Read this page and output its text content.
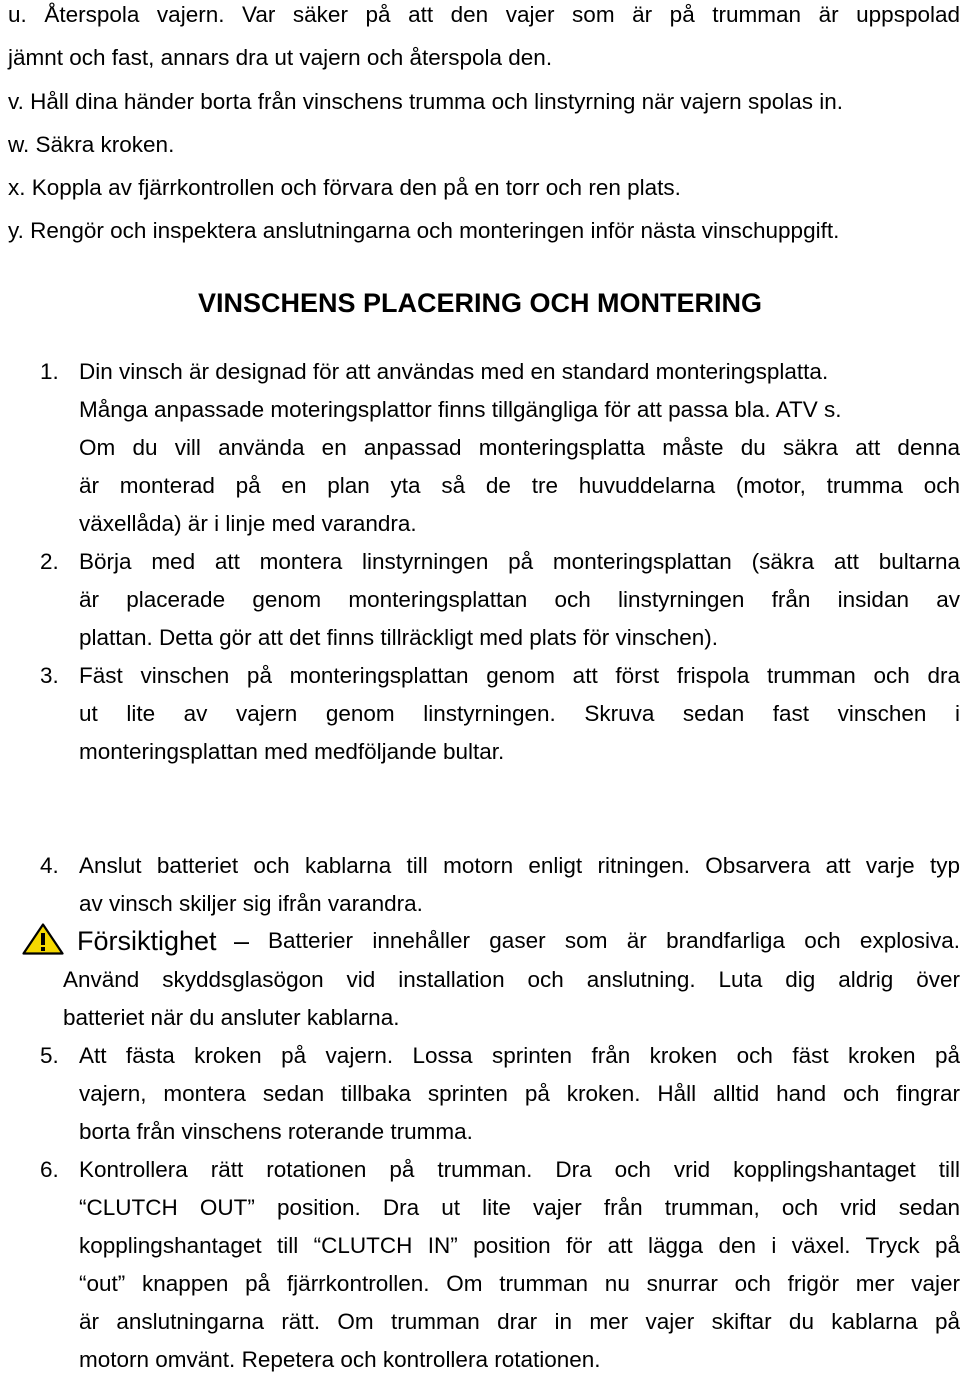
u. Återspola vajern. Var säker på att den vajer som är på trumman är uppspolad
jämnt och fast, annars dra ut vajern och återspola den.
v. Håll dina händer borta från vinschens trumma och linstyrning när vajern spolas in.
w. Säkra kroken.
x. Koppla av fjärrkontrollen och förvara den på en torr och ren plats.
y. Rengör och inspektera anslutningarna och monteringen inför nästa vinschuppgift.
VINSCHENS PLACERING OCH MONTERING
1. Din vinsch är designad för att användas med en standard monteringsplatta.
Många anpassade moteringsplattor finns tillgängliga för att passa bla. ATV s.
Om du vill använda en anpassad monteringsplatta måste du säkra att denna
är monterad på en plan yta så de tre huvuddelarna (motor, trumma och
växellåda) är i linje med varandra.
2. Börja med att montera linstyrningen på monteringsplattan (säkra att bultarna
är placerade genom monteringsplattan och linstyrningen från insidan av
plattan. Detta gör att det finns tillräckligt med plats för vinschen).
3. Fäst vinschen på monteringsplattan genom att först frispola trumman och dra
ut lite av vajern genom linstyrningen. Skruva sedan fast vinschen i
monteringsplattan med medföljande bultar.
4. Anslut batteriet och kablarna till motorn enligt ritningen. Obsarvera att varje typ
av vinsch skiljer sig ifrån varandra.
Försiktighet – Batterier innehåller gaser som är brandfarliga och explosiva.
Använd skyddsglasögon vid installation och anslutning. Luta dig aldrig över
batteriet när du ansluter kablarna.
5. Att fästa kroken på vajern. Lossa sprinten från kroken och fäst kroken på
vajern, montera sedan tillbaka sprinten på kroken. Håll alltid hand och fingrar
borta från vinschens roterande trumma.
6. Kontrollera rätt rotationen på trumman. Dra och vrid kopplingshantaget till
“CLUTCH OUT” position. Dra ut lite vajer från trumman, och vrid sedan
kopplingshantaget till “CLUTCH IN” position för att lägga den i växel. Tryck på
“out” knappen på fjärrkontrollen. Om trumman nu snurrar och frigör mer vajer
är anslutningarna rätt. Om trumman drar in mer vajer skiftar du kablarna på
motorn omvänt. Repetera och kontrollera rotationen.
